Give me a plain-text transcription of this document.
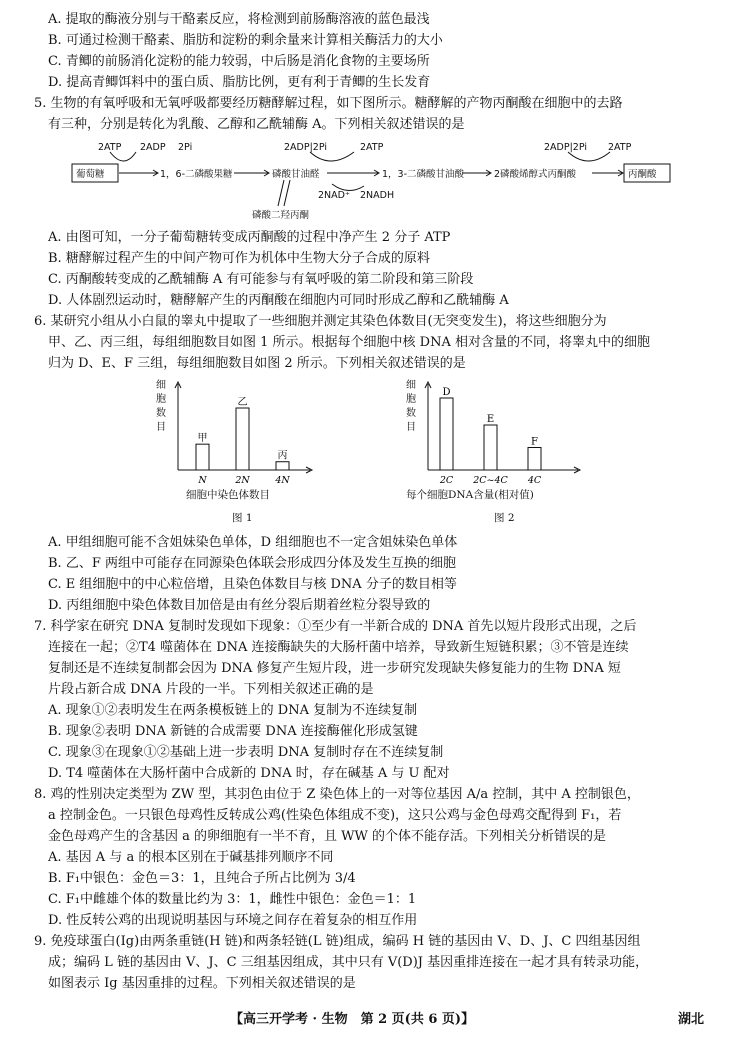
A. 提取的酶液分别与干酪素反应，将检测到前肠酶溶液的蓝色最浅
B. 可通过检测干酪素、脂肪和淀粉的剩余量来计算相关酶活力的大小
C. 青鲫的前肠消化淀粉的能力较弱，中后肠是消化食物的主要场所
D. 提高青鲫饵料中的蛋白质、脂肪比例，更有利于青鲫的生长发育
5. 生物的有氧呼吸和无氧呼吸都要经历糖酵解过程，如下图所示。糖酵解的产物丙酮酸在细胞中的去路
有三种，分别是转化为乳酸、乙醇和乙酰辅酶 A。下列相关叙述错误的是
葡萄糖	丙酮酸
1，6-二磷酸果糖	磷酸甘油醛	1，3-二磷酸甘油酸	2磷酸烯醇式丙酮酸
磷酸二羟丙酮
2ATP 2ADP 2Pi	2ADP|2Pi	2ATP
2NAD⁺ 2NADH
2ADP|2Pi 2ATP
A. 由图可知，一分子葡萄糖转变成丙酮酸的过程中净产生 2 分子 ATP
B. 糖酵解过程产生的中间产物可作为机体中生物大分子合成的原料
C. 丙酮酸转变成的乙酰辅酶 A 有可能参与有氧呼吸的第二阶段和第三阶段
D. 人体剧烈运动时，糖酵解产生的丙酮酸在细胞内可同时形成乙醇和乙酰辅酶 A
6. 某研究小组从小白鼠的睾丸中提取了一些细胞并测定其染色体数目(无突变发生)，将这些细胞分为
甲、乙、丙三组，每组细胞数目如图 1 所示。根据每个细胞中核 DNA 相对含量的不同，将睾丸中的细胞
归为 D、E、F 三组，每组细胞数目如图 2 所示。下列相关叙述错误的是
甲
N
乙
2N
丙
4N
细
胞
数
目
细胞中染色体数目
图 1
D
2C
E
2C~4C
F
4C
细
胞
数
目
每个细胞DNA含量(相对值)
图 2
A. 甲组细胞可能不含姐妹染色单体，D 组细胞也不一定含姐妹染色单体
B. 乙、F 两组中可能存在同源染色体联会形成四分体及发生互换的细胞
C. E 组细胞中的中心粒倍增，且染色体数目与核 DNA 分子的数目相等
D. 丙组细胞中染色体数目加倍是由有丝分裂后期着丝粒分裂导致的
7. 科学家在研究 DNA 复制时发现如下现象：①至少有一半新合成的 DNA 首先以短片段形式出现，之后
连接在一起；②T4 噬菌体在 DNA 连接酶缺失的大肠杆菌中培养，导致新生短链积累；③不管是连续
复制还是不连续复制都会因为 DNA 修复产生短片段，进一步研究发现缺失修复能力的生物 DNA 短
片段占新合成 DNA 片段的一半。下列相关叙述正确的是
A. 现象①②表明发生在两条模板链上的 DNA 复制为不连续复制
B. 现象②表明 DNA 新链的合成需要 DNA 连接酶催化形成氢键
C. 现象③在现象①②基础上进一步表明 DNA 复制时存在不连续复制
D. T4 噬菌体在大肠杆菌中合成新的 DNA 时，存在碱基 A 与 U 配对
8. 鸡的性别决定类型为 ZW 型，其羽色由位于 Z 染色体上的一对等位基因 A/a 控制，其中 A 控制银色，
a 控制金色。一只银色母鸡性反转成公鸡(性染色体组成不变)，这只公鸡与金色母鸡交配得到 F₁，若
金色母鸡产生的含基因 a 的卵细胞有一半不育，且 WW 的个体不能存活。下列相关分析错误的是
A. 基因 A 与 a 的根本区别在于碱基排列顺序不同
B. F₁中银色：金色＝3：1，且纯合子所占比例为 3/4
C. F₁中雌雄个体的数量比约为 3：1，雌性中银色：金色＝1：1
D. 性反转公鸡的出现说明基因与环境之间存在着复杂的相互作用
9. 免疫球蛋白(Ig)由两条重链(H 链)和两条轻链(L 链)组成，编码 H 链的基因由 V、D、J、C 四组基因组
成；编码 L 链的基因由 V、J、C 三组基因组成，其中只有 V(D)J 基因重排连接在一起才具有转录功能，
如图表示 Ig 基因重排的过程。下列相关叙述错误的是
【高三开学考 · 生物　第 2 页(共 6 页)】	湖北
